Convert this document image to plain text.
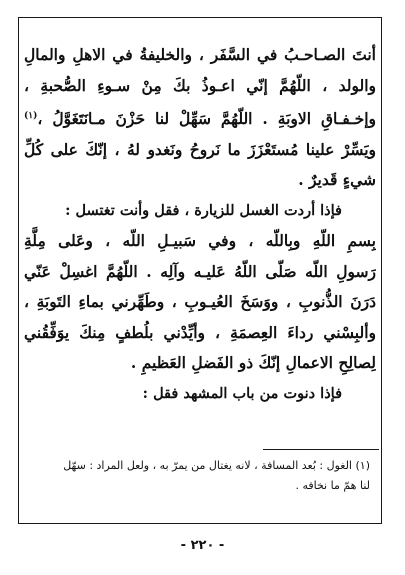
أنتَ الصـاحـبُ في السَّفَر ، والخليفةُ في الاهلِ والمالِ
والولد ، اللّهُمَّ إنّي اعـوذُ بكَ مِنْ سـوءِ الصُّحبةِ ،
وإخـفـاقِ الاوبَةِ . اللّهُمَّ سَهِّلْ لنا حَزْنَ مـانَتَغَوَّلُ ،$^{(١)}$
ويَسِّرْ علينا مُستَعْزَزَ ما نَروحُ ونَغدو لهُ ، إنّكَ على كُلِّ
شيءٍ قَديرٌ .
فإذا أردت الغسل للزيارة ، فقل وأنت تغتسل :
بِسمِ اللّهِ وبِاللّه ، وفي سَبيـلِ اللّه ، وعَلى مِلَّةِ
رَسولِ اللّه صَلّى اللّهُ عَليـه وآلِه . اللّهُمَّ اغسِلْ عَنّي
دَرَنَ الذُّنوبِ ، ووَسَخَ العُيـوبِ ، وطَهِّرني بماءِ التَوبَةِ ،
وألبِسْني رداءَ العِصمَةِ ، وأيِّدْني بلُطفٍ مِنكَ يوَفِّقُني
لِصالِحِ الاعمالِ إنّكَ ذو الفَضلِ العَظيمِ .
فإذا دنوت من باب المشهد فقل :
(١) الغول : بُعد المسافة ، لانه يغتال من يمرّ به ، ولعل المراد : سهّل
لنا همّ ما نخافه .
- ٢٢٠ -
